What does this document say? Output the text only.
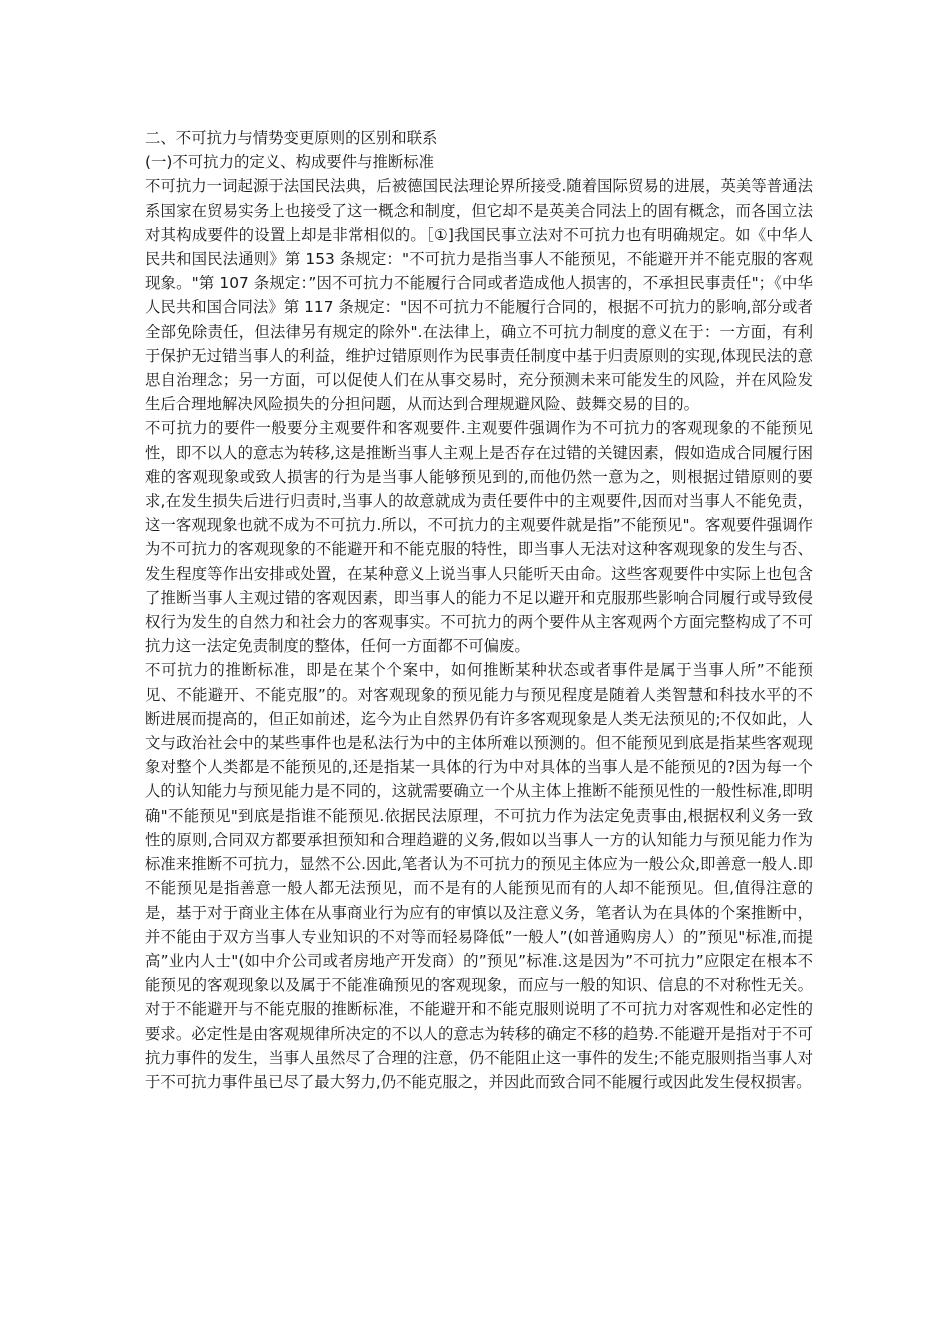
二、不可抗力与情势变更原则的区别和联系

(一)不可抗力的定义、构成要件与推断标准

不可抗力一词起源于法国民法典，后被德国民法理论界所接受.随着国际贸易的进展，英美等普通法系国家在贸易实务上也接受了这一概念和制度，但它却不是英美合同法上的固有概念，而各国立法对其构成要件的设置上却是非常相似的。［①]我国民事立法对不可抗力也有明确规定。如《中华人民共和国民法通则》第 153 条规定："不可抗力是指当事人不能预见，不能避开并不能克服的客观现象。"第 107 条规定：”因不可抗力不能履行合同或者造成他人损害的，不承担民事责任"；《中华人民共和国合同法》第 117 条规定："因不可抗力不能履行合同的，根据不可抗力的影响,部分或者全部免除责任，但法律另有规定的除外".在法律上，确立不可抗力制度的意义在于：一方面，有利于保护无过错当事人的利益，维护过错原则作为民事责任制度中基于归责原则的实现,体现民法的意思自治理念；另一方面，可以促使人们在从事交易时，充分预测未来可能发生的风险，并在风险发生后合理地解决风险损失的分担问题，从而达到合理规避风险、鼓舞交易的目的。

不可抗力的要件一般要分主观要件和客观要件.主观要件强调作为不可抗力的客观现象的不能预见性，即不以人的意志为转移,这是推断当事人主观上是否存在过错的关键因素，假如造成合同履行困难的客观现象或致人损害的行为是当事人能够预见到的,而他仍然一意为之，则根据过错原则的要求,在发生损失后进行归责时,当事人的故意就成为责任要件中的主观要件,因而对当事人不能免责，这一客观现象也就不成为不可抗力.所以，不可抗力的主观要件就是指”不能预见"。客观要件强调作为不可抗力的客观现象的不能避开和不能克服的特性，即当事人无法对这种客观现象的发生与否、发生程度等作出安排或处置，在某种意义上说当事人只能听天由命。这些客观要件中实际上也包含了推断当事人主观过错的客观因素，即当事人的能力不足以避开和克服那些影响合同履行或导致侵权行为发生的自然力和社会力的客观事实。不可抗力的两个要件从主客观两个方面完整构成了不可抗力这一法定免责制度的整体，任何一方面都不可偏废。

不可抗力的推断标准，即是在某个个案中，如何推断某种状态或者事件是属于当事人所”不能预见、不能避开、不能克服”的。对客观现象的预见能力与预见程度是随着人类智慧和科技水平的不断进展而提高的，但正如前述，迄今为止自然界仍有许多客观现象是人类无法预见的;不仅如此，人文与政治社会中的某些事件也是私法行为中的主体所难以预测的。但不能预见到底是指某些客观现象对整个人类都是不能预见的,还是指某一具体的行为中对具体的当事人是不能预见的?因为每一个人的认知能力与预见能力是不同的，这就需要确立一个从主体上推断不能预见性的一般性标准,即明确"不能预见"到底是指谁不能预见.依据民法原理，不可抗力作为法定免责事由,根据权利义务一致性的原则,合同双方都要承担预知和合理趋避的义务,假如以当事人一方的认知能力与预见能力作为标准来推断不可抗力，显然不公.因此,笔者认为不可抗力的预见主体应为一般公众,即善意一般人.即不能预见是指善意一般人都无法预见，而不是有的人能预见而有的人却不能预见。但,值得注意的是，基于对于商业主体在从事商业行为应有的审慎以及注意义务，笔者认为在具体的个案推断中，并不能由于双方当事人专业知识的不对等而轻易降低”一般人”(如普通购房人）的”预见"标准,而提高”业内人士"(如中介公司或者房地产开发商）的”预见”标准.这是因为”不可抗力”应限定在根本不能预见的客观现象以及属于不能准确预见的客观现象，而应与一般的知识、信息的不对称性无关。对于不能避开与不能克服的推断标准，不能避开和不能克服则说明了不可抗力对客观性和必定性的要求。必定性是由客观规律所决定的不以人的意志为转移的确定不移的趋势.不能避开是指对于不可抗力事件的发生，当事人虽然尽了合理的注意，仍不能阻止这一事件的发生;不能克服则指当事人对于不可抗力事件虽已尽了最大努力,仍不能克服之，并因此而致合同不能履行或因此发生侵权损害。
